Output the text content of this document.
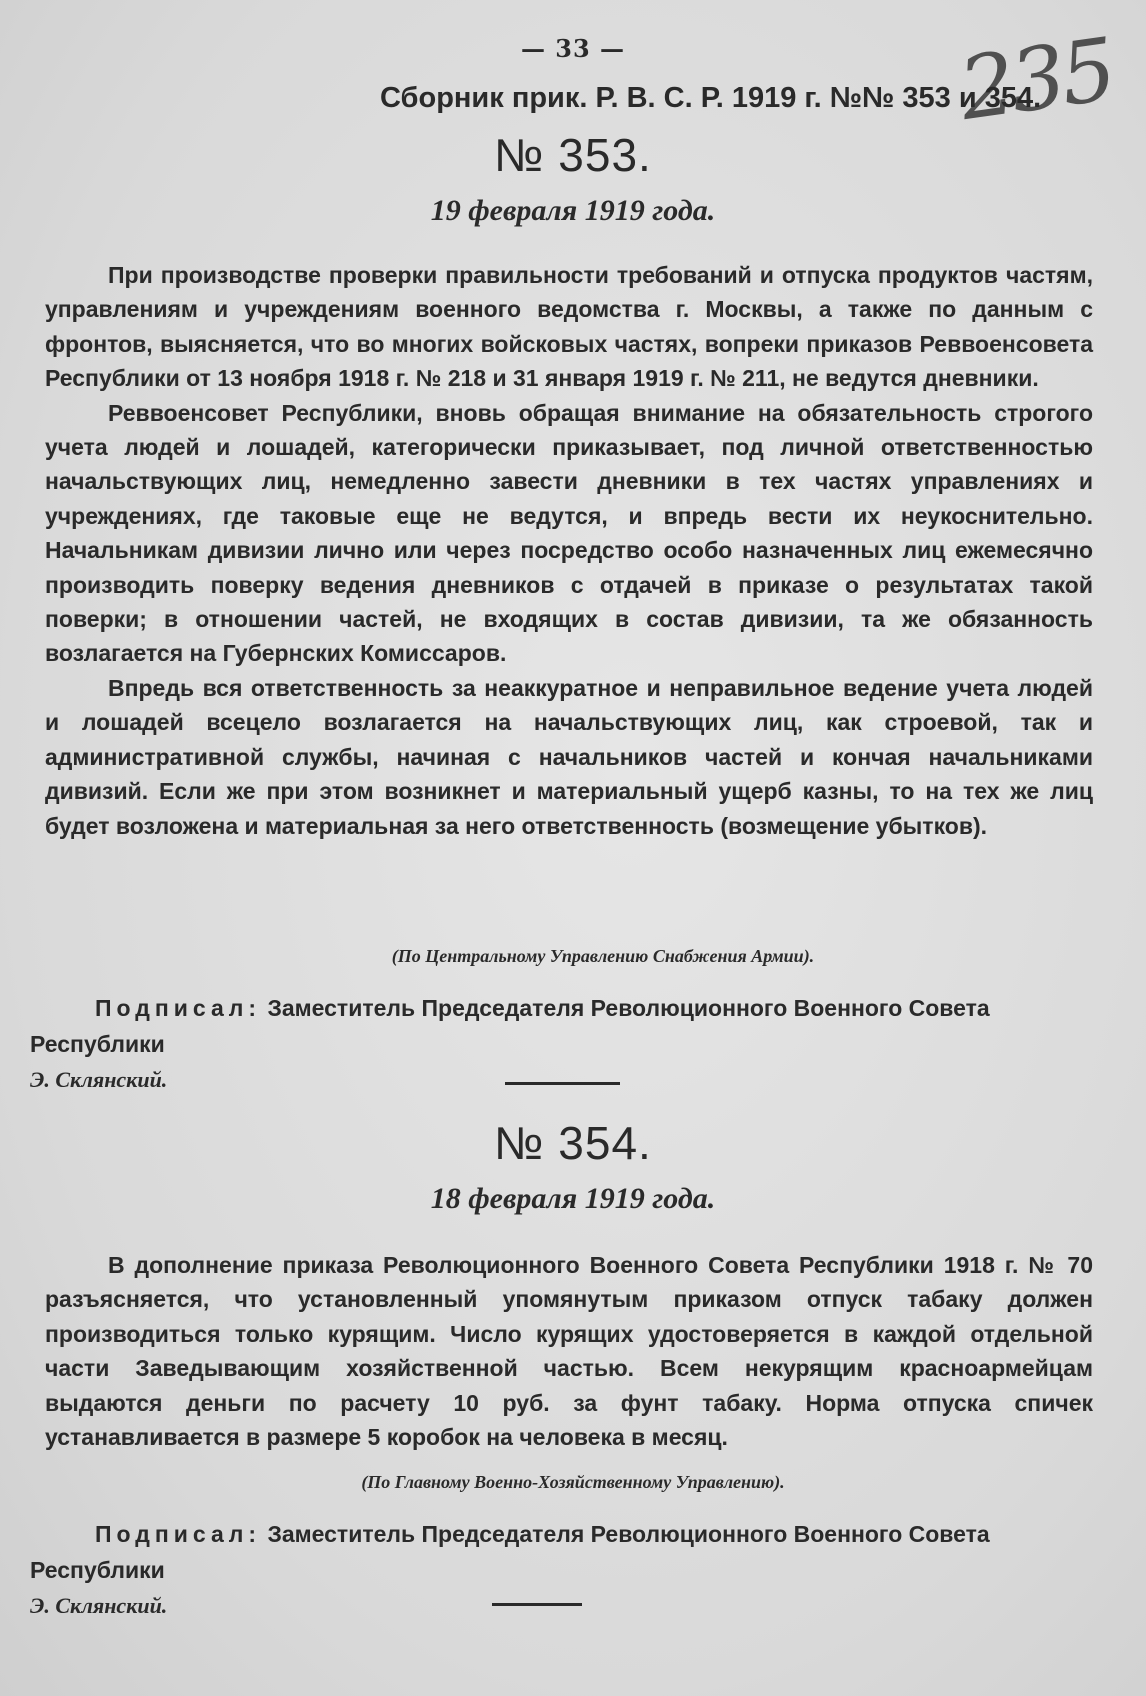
— 33 —	235
Сборник прик. Р. В. С. Р. 1919 г. №№ 353 и 354.
№ 353.
19 февраля 1919 года.

При производстве проверки правильности требований и отпуска продуктов частям, управлениям и учреждениям военного ведомства г. Москвы, а также по данным с фронтов, выясняется, что во многих войсковых частях, вопреки приказов Реввоенсовета Республики от 13 ноября 1918 г. № 218 и 31 января 1919 г. № 211, не ведутся дневники.

Реввоенсовет Республики, вновь обращая внимание на обязательность строгого учета людей и лошадей, категорически приказывает, под личной ответственностью начальствующих лиц, немедленно завести дневники в тех частях управлениях и учреждениях, где таковые еще не ведутся, и впредь вести их неукоснительно. Начальникам дивизии лично или через посредство особо назначенных лиц ежемесячно производить поверку ведения дневников с отдачей в приказе о результатах такой поверки; в отношении частей, не входящих в состав дивизии, та же обязанность возлагается на Губернских Комиссаров.

Впредь вся ответственность за неаккуратное и неправильное ведение учета людей и лошадей всецело возлагается на начальствующих лиц, как строевой, так и административной службы, начиная с начальников частей и кончая начальниками дивизий. Если же при этом возникнет и материальный ущерб казны, то на тех же лиц будет возложена и материальная за него ответственность (возмещение убытков).

(По Центральному Управлению Снабжения Армии).
Подписал: Заместитель Председателя Революционного Военного Совета Республики
Э. Склянский.
№ 354.
18 февраля 1919 года.

В дополнение приказа Революционного Военного Совета Республики 1918 г. № 70 разъясняется, что установленный упомянутым приказом отпуск табаку должен производиться только курящим. Число курящих удостоверяется в каждой отдельной части Заведывающим хозяйственной частью. Всем некурящим красноармейцам выдаются деньги по расчету 10 руб. за фунт табаку. Норма отпуска спичек устанавливается в размере 5 коробок на человека в месяц.

(По Главному Военно-Хозяйственному Управлению).
Подписал: Заместитель Председателя Революционного Военного Совета Республики
Э. Склянский.
